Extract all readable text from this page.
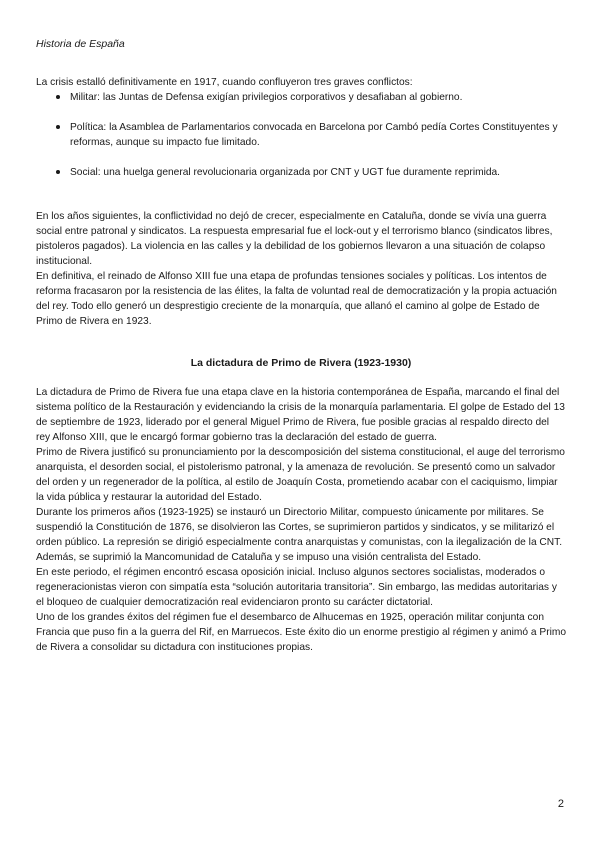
Historia de España

La crisis estalló definitivamente en 1917, cuando confluyeron tres graves conflictos:

Militar: las Juntas de Defensa exigían privilegios corporativos y desafiaban al gobierno.
Política: la Asamblea de Parlamentarios convocada en Barcelona por Cambó pedía Cortes Constituyentes y reformas, aunque su impacto fue limitado.
Social: una huelga general revolucionaria organizada por CNT y UGT fue duramente reprimida.

En los años siguientes, la conflictividad no dejó de crecer, especialmente en Cataluña, donde se vivía una guerra social entre patronal y sindicatos. La respuesta empresarial fue el lock-out y el terrorismo blanco (sindicatos libres, pistoleros pagados). La violencia en las calles y la debilidad de los gobiernos llevaron a una situación de colapso institucional.

En definitiva, el reinado de Alfonso XIII fue una etapa de profundas tensiones sociales y políticas. Los intentos de reforma fracasaron por la resistencia de las élites, la falta de voluntad real de democratización y la propia actuación del rey. Todo ello generó un desprestigio creciente de la monarquía, que allanó el camino al golpe de Estado de Primo de Rivera en 1923.

La dictadura de Primo de Rivera (1923-1930)

La dictadura de Primo de Rivera fue una etapa clave en la historia contemporánea de España, marcando el final del sistema político de la Restauración y evidenciando la crisis de la monarquía parlamentaria. El golpe de Estado del 13 de septiembre de 1923, liderado por el general Miguel Primo de Rivera, fue posible gracias al respaldo directo del rey Alfonso XIII, que le encargó formar gobierno tras la declaración del estado de guerra.

Primo de Rivera justificó su pronunciamiento por la descomposición del sistema constitucional, el auge del terrorismo anarquista, el desorden social, el pistolerismo patronal, y la amenaza de revolución. Se presentó como un salvador del orden y un regenerador de la política, al estilo de Joaquín Costa, prometiendo acabar con el caciquismo, limpiar la vida pública y restaurar la autoridad del Estado.

Durante los primeros años (1923-1925) se instauró un Directorio Militar, compuesto únicamente por militares. Se suspendió la Constitución de 1876, se disolvieron las Cortes, se suprimieron partidos y sindicatos, y se militarizó el orden público. La represión se dirigió especialmente contra anarquistas y comunistas, con la ilegalización de la CNT. Además, se suprimió la Mancomunidad de Cataluña y se impuso una visión centralista del Estado.

En este periodo, el régimen encontró escasa oposición inicial. Incluso algunos sectores socialistas, moderados o regeneracionistas vieron con simpatía esta “solución autoritaria transitoria”. Sin embargo, las medidas autoritarias y el bloqueo de cualquier democratización real evidenciaron pronto su carácter dictatorial.

Uno de los grandes éxitos del régimen fue el desembarco de Alhucemas en 1925, operación militar conjunta con Francia que puso fin a la guerra del Rif, en Marruecos. Este éxito dio un enorme prestigio al régimen y animó a Primo de Rivera a consolidar su dictadura con instituciones propias.

2
